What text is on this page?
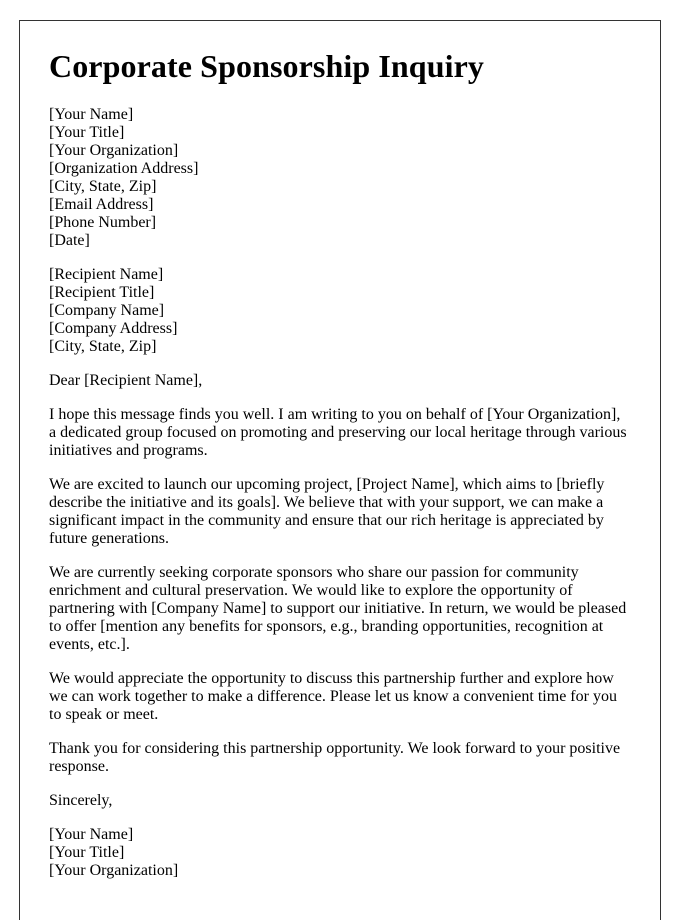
Corporate Sponsorship Inquiry
[Your Name]
[Your Title]
[Your Organization]
[Organization Address]
[City, State, Zip]
[Email Address]
[Phone Number]
[Date]
[Recipient Name]
[Recipient Title]
[Company Name]
[Company Address]
[City, State, Zip]

Dear [Recipient Name],

I hope this message finds you well. I am writing to you on behalf of [Your Organization], a dedicated group focused on promoting and preserving our local heritage through various initiatives and programs.

We are excited to launch our upcoming project, [Project Name], which aims to [briefly describe the initiative and its goals]. We believe that with your support, we can make a significant impact in the community and ensure that our rich heritage is appreciated by future generations.

We are currently seeking corporate sponsors who share our passion for community enrichment and cultural preservation. We would like to explore the opportunity of partnering with [Company Name] to support our initiative. In return, we would be pleased to offer [mention any benefits for sponsors, e.g., branding opportunities, recognition at events, etc.].

We would appreciate the opportunity to discuss this partnership further and explore how we can work together to make a difference. Please let us know a convenient time for you to speak or meet.

Thank you for considering this partnership opportunity. We look forward to your positive response.

Sincerely,

[Your Name]
[Your Title]
[Your Organization]
